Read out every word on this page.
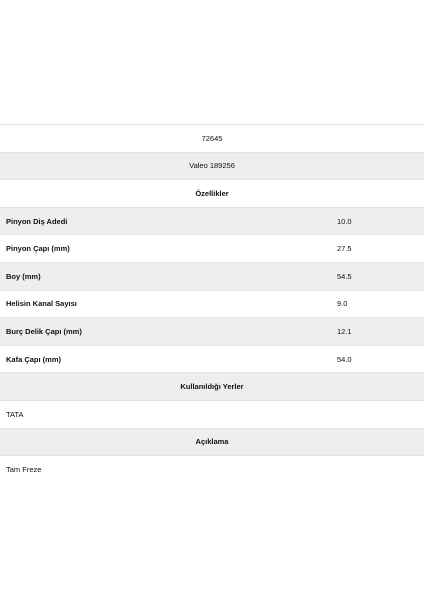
72645
Valeo 189256
Özellikler
Pinyon Diş Adedi	10.0
Pinyon Çapı (mm)	27.5
Boy (mm)	54.5
Helisin Kanal Sayısı	9.0
Burç Delik Çapı (mm)	12.1
Kafa Çapı (mm)	54.0
Kullanıldığı Yerler
TATA
Açıklama
Tam Freze
